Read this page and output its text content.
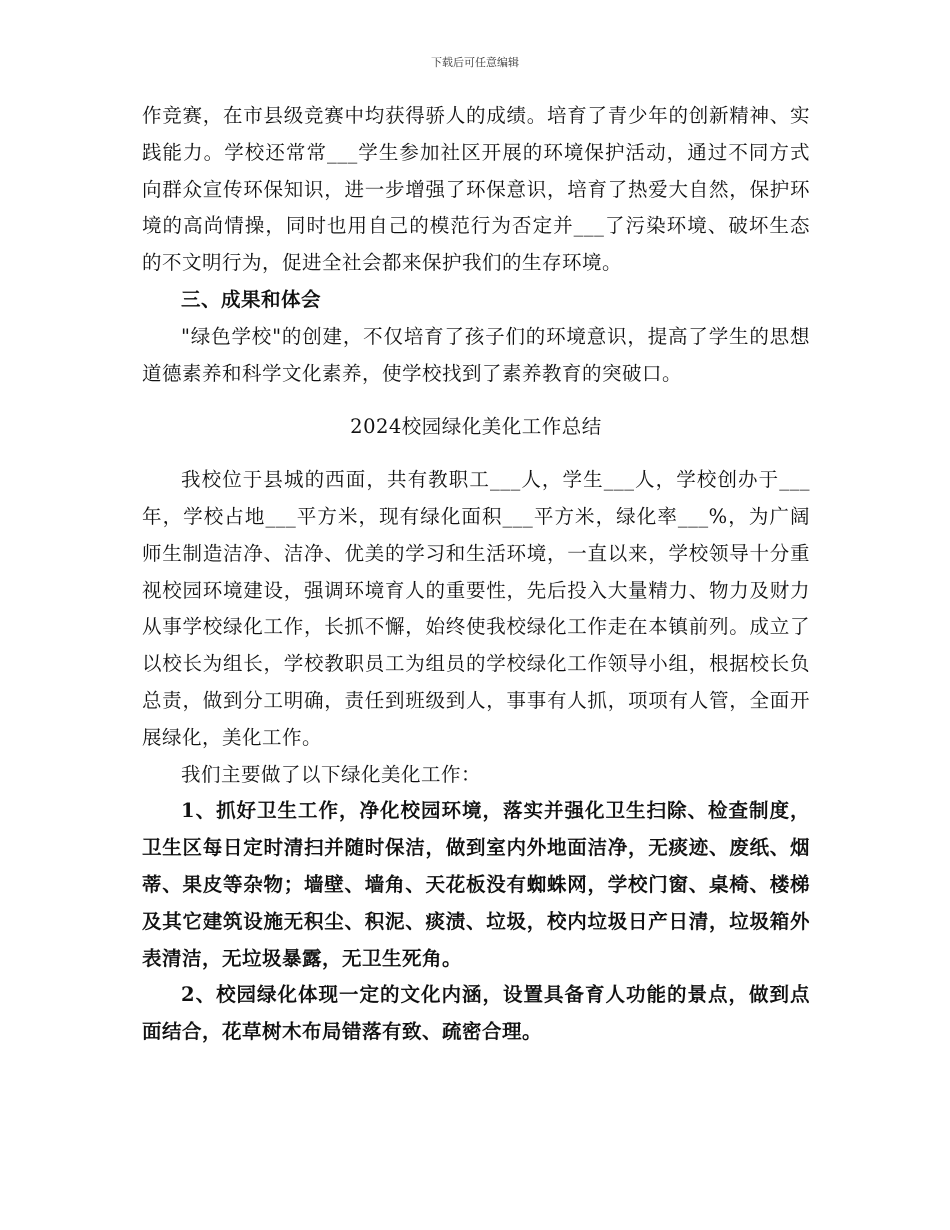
下载后可任意编辑

作竞赛，在市县级竞赛中均获得骄人的成绩。培育了青少年的创新精神、实践能力。学校还常常___学生参加社区开展的环境保护活动，通过不同方式向群众宣传环保知识，进一步增强了环保意识，培育了热爱大自然，保护环境的高尚情操，同时也用自己的模范行为否定并___了污染环境、破坏生态的不文明行为，促进全社会都来保护我们的生存环境。

三、成果和体会

"绿色学校"的创建，不仅培育了孩子们的环境意识，提高了学生的思想道德素养和科学文化素养，使学校找到了素养教育的突破口。

2024校园绿化美化工作总结

我校位于县城的西面，共有教职工___人，学生___人，学校创办于___年，学校占地___平方米，现有绿化面积___平方米，绿化率___%，为广阔师生制造洁净、洁净、优美的学习和生活环境，一直以来，学校领导十分重视校园环境建设，强调环境育人的重要性，先后投入大量精力、物力及财力从事学校绿化工作，长抓不懈，始终使我校绿化工作走在本镇前列。成立了以校长为组长，学校教职员工为组员的学校绿化工作领导小组，根据校长负总责，做到分工明确，责任到班级到人，事事有人抓，项项有人管，全面开展绿化，美化工作。

我们主要做了以下绿化美化工作：

1、抓好卫生工作，净化校园环境，落实并强化卫生扫除、检查制度，卫生区每日定时清扫并随时保洁，做到室内外地面洁净，无痰迹、废纸、烟蒂、果皮等杂物；墙壁、墙角、天花板没有蜘蛛网，学校门窗、桌椅、楼梯及其它建筑设施无积尘、积泥、痰渍、垃圾，校内垃圾日产日清，垃圾箱外表清洁，无垃圾暴露，无卫生死角。

2、校园绿化体现一定的文化内涵，设置具备育人功能的景点，做到点面结合，花草树木布局错落有致、疏密合理。
